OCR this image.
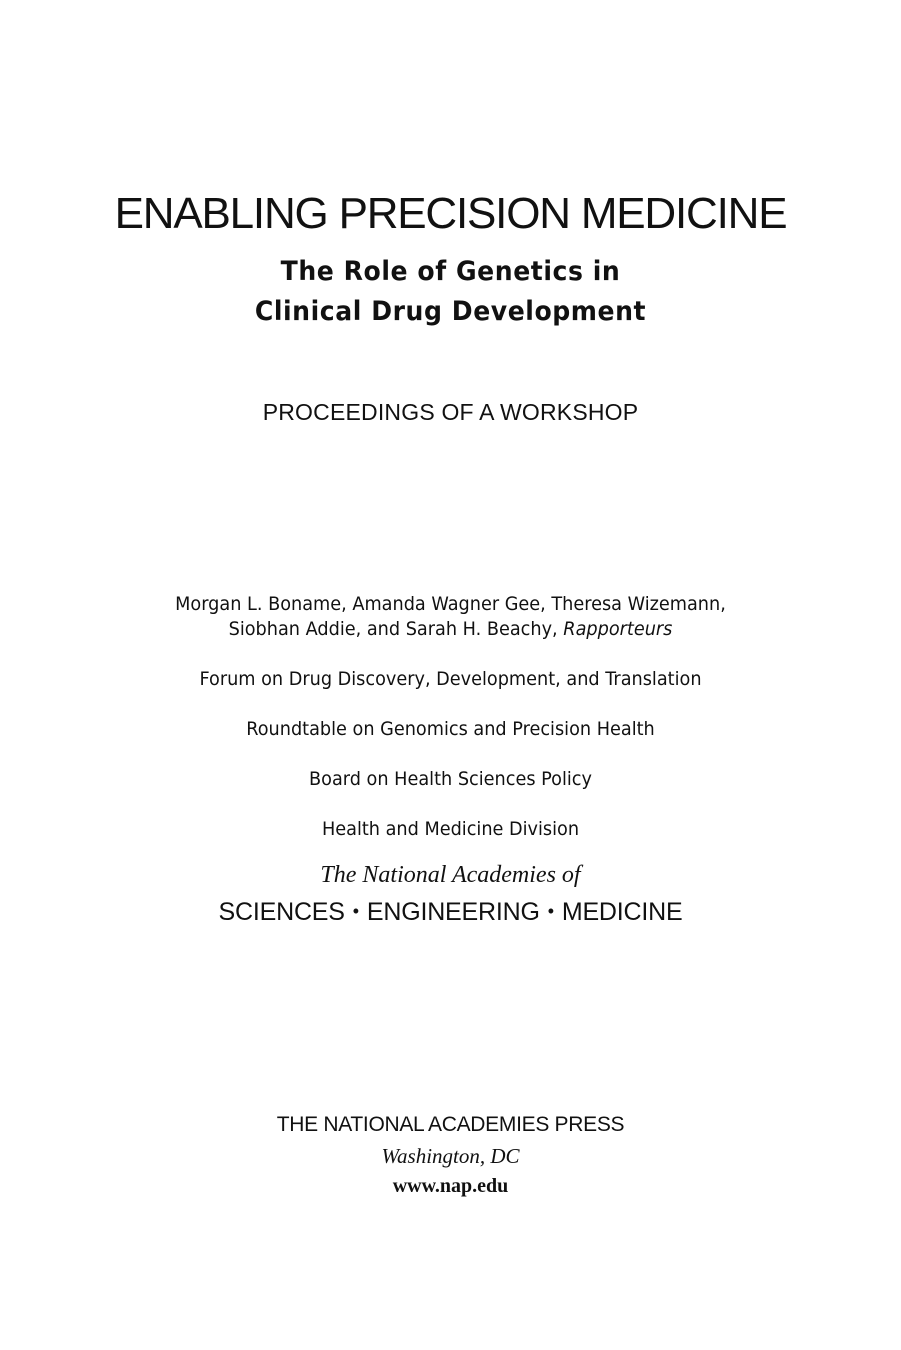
ENABLING PRECISION MEDICINE
The Role of Genetics in
Clinical Drug Development
PROCEEDINGS OF A WORKSHOP
Morgan L. Boname, Amanda Wagner Gee, Theresa Wizemann,
Siobhan Addie, and Sarah H. Beachy, Rapporteurs
Forum on Drug Discovery, Development, and Translation
Roundtable on Genomics and Precision Health
Board on Health Sciences Policy
Health and Medicine Division
The National Academies of
SCIENCES • ENGINEERING • MEDICINE
THE NATIONAL ACADEMIES PRESS
Washington, DC
www.nap.edu
